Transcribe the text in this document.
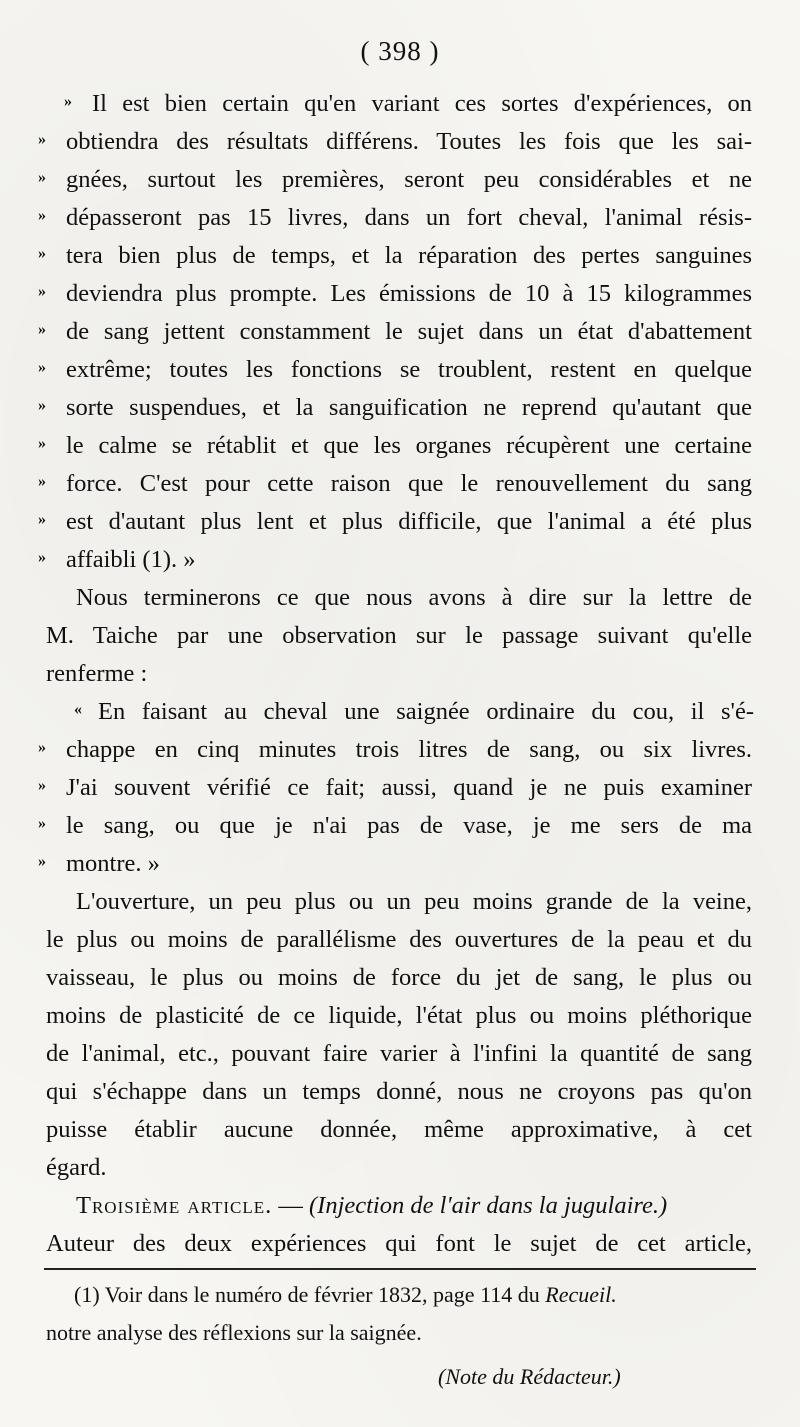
( 398 )
» Il est bien certain qu'en variant ces sortes d'expériences, on
» obtiendra des résultats différens. Toutes les fois que les sai-
» gnées, surtout les premières, seront peu considérables et ne
» dépasseront pas 15 livres, dans un fort cheval, l'animal résis-
» tera bien plus de temps, et la réparation des pertes sanguines
» deviendra plus prompte. Les émissions de 10 à 15 kilogrammes
» de sang jettent constamment le sujet dans un état d'abattement
» extrême; toutes les fonctions se troublent, restent en quelque
» sorte suspendues, et la sanguification ne reprend qu'autant que
» le calme se rétablit et que les organes récupèrent une certaine
» force. C'est pour cette raison que le renouvellement du sang
» est d'autant plus lent et plus difficile, que l'animal a été plus
» affaibli (1). »
Nous terminerons ce que nous avons à dire sur la lettre de
M. Taiche par une observation sur le passage suivant qu'elle
renferme :
« En faisant au cheval une saignée ordinaire du cou, il s'é-
» chappe en cinq minutes trois litres de sang, ou six livres.
» J'ai souvent vérifié ce fait; aussi, quand je ne puis examiner
» le sang, ou que je n'ai pas de vase, je me sers de ma
» montre. »
L'ouverture, un peu plus ou un peu moins grande de la veine,
le plus ou moins de parallélisme des ouvertures de la peau et du
vaisseau, le plus ou moins de force du jet de sang, le plus ou
moins de plasticité de ce liquide, l'état plus ou moins pléthorique
de l'animal, etc., pouvant faire varier à l'infini la quantité de sang
qui s'échappe dans un temps donné, nous ne croyons pas qu'on
puisse établir aucune donnée, même approximative, à cet
égard.
Troisième article. — (Injection de l'air dans la jugulaire.)
Auteur des deux expériences qui font le sujet de cet article,
(1) Voir dans le numéro de février 1832, page 114 du Recueil.
notre analyse des réflexions sur la saignée.
(Note du Rédacteur.)
